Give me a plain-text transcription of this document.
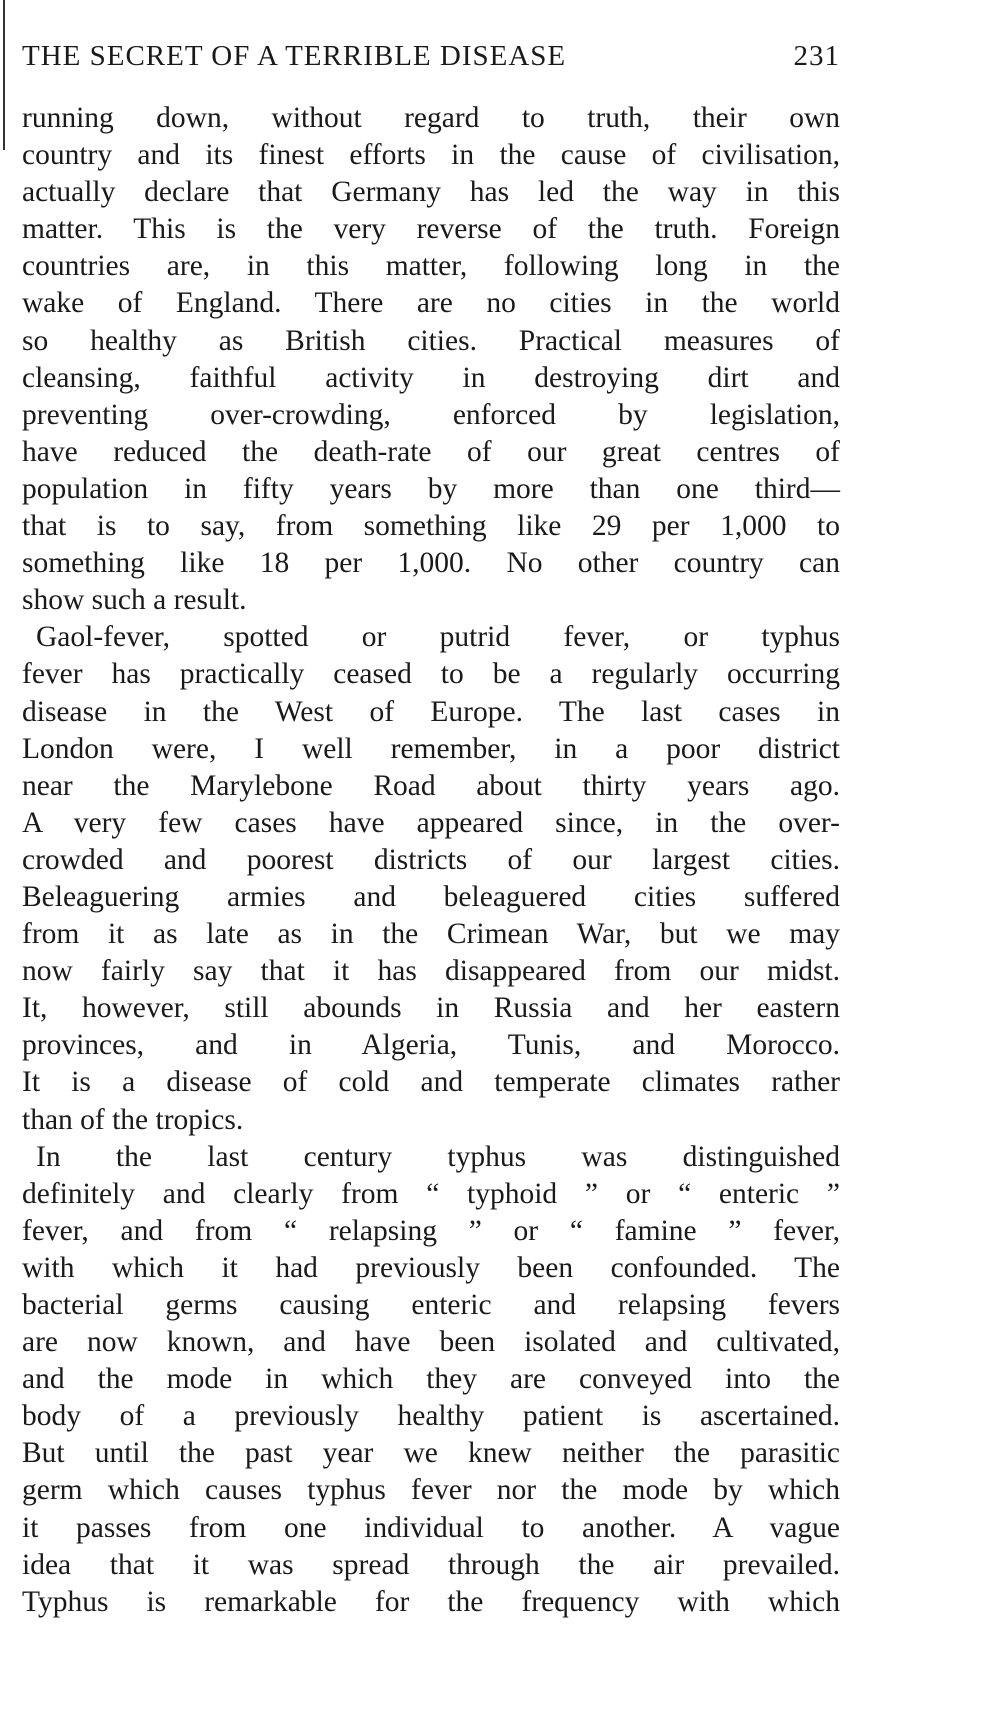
THE SECRET OF A TERRIBLE DISEASE	231
running down, without regard to truth, their own
country and its finest efforts in the cause of civilisation,
actually declare that Germany has led the way in this
matter. This is the very reverse of the truth. Foreign
countries are, in this matter, following long in the
wake of England. There are no cities in the world
so healthy as British cities. Practical measures of
cleansing, faithful activity in destroying dirt and
preventing over-crowding, enforced by legislation,
have reduced the death-rate of our great centres of
population in fifty years by more than one third—
that is to say, from something like 29 per 1,000 to
something like 18 per 1,000. No other country can
show such a result.
Gaol-fever, spotted or putrid fever, or typhus
fever has practically ceased to be a regularly occurring
disease in the West of Europe. The last cases in
London were, I well remember, in a poor district
near the Marylebone Road about thirty years ago.
A very few cases have appeared since, in the over-
crowded and poorest districts of our largest cities.
Beleaguering armies and beleaguered cities suffered
from it as late as in the Crimean War, but we may
now fairly say that it has disappeared from our midst.
It, however, still abounds in Russia and her eastern
provinces, and in Algeria, Tunis, and Morocco.
It is a disease of cold and temperate climates rather
than of the tropics.
In the last century typhus was distinguished
definitely and clearly from “ typhoid ” or “ enteric ”
fever, and from “ relapsing ” or “ famine ” fever,
with which it had previously been confounded. The
bacterial germs causing enteric and relapsing fevers
are now known, and have been isolated and cultivated,
and the mode in which they are conveyed into the
body of a previously healthy patient is ascertained.
But until the past year we knew neither the parasitic
germ which causes typhus fever nor the mode by which
it passes from one individual to another. A vague
idea that it was spread through the air prevailed.
Typhus is remarkable for the frequency with which
